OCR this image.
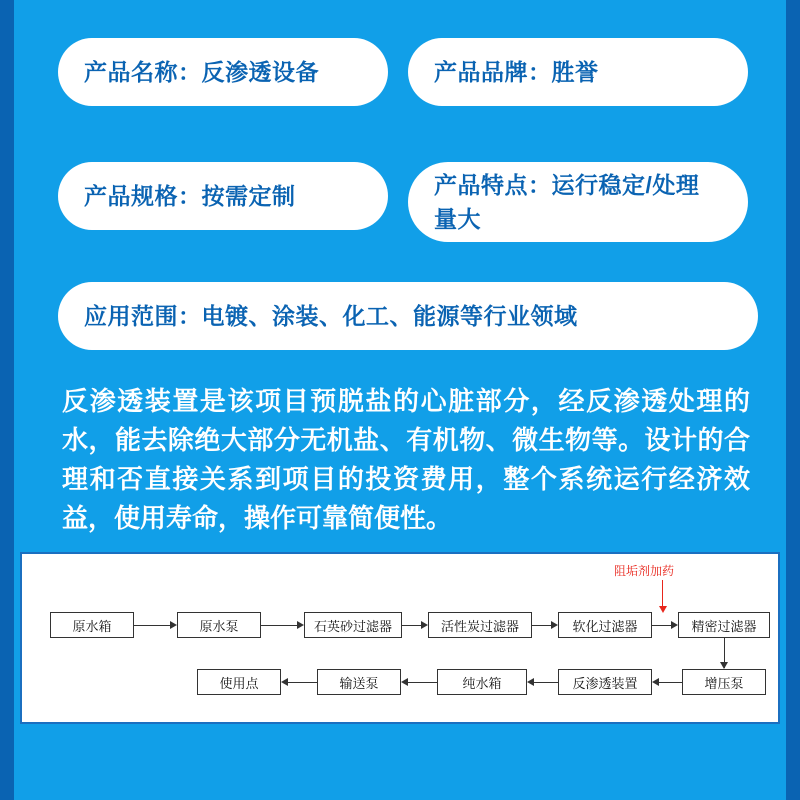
产品名称：反渗透设备	产品品牌：胜誉
产品规格：按需定制	产品特点：运行稳定/处理量大
应用范围：电镀、涂装、化工、能源等行业领域
反渗透装置是该项目预脱盐的心脏部分，经反渗透处理的水，能去除绝大部分无机盐、有机物、微生物等。设计的合理和否直接关系到项目的投资费用，整个系统运行经济效益，使用寿命，操作可靠简便性。
阻垢剂加药
原水箱	原水泵	石英砂过滤器	活性炭过滤器	软化过滤器	精密过滤器
使用点	输送泵	纯水箱	反渗透装置	增压泵
